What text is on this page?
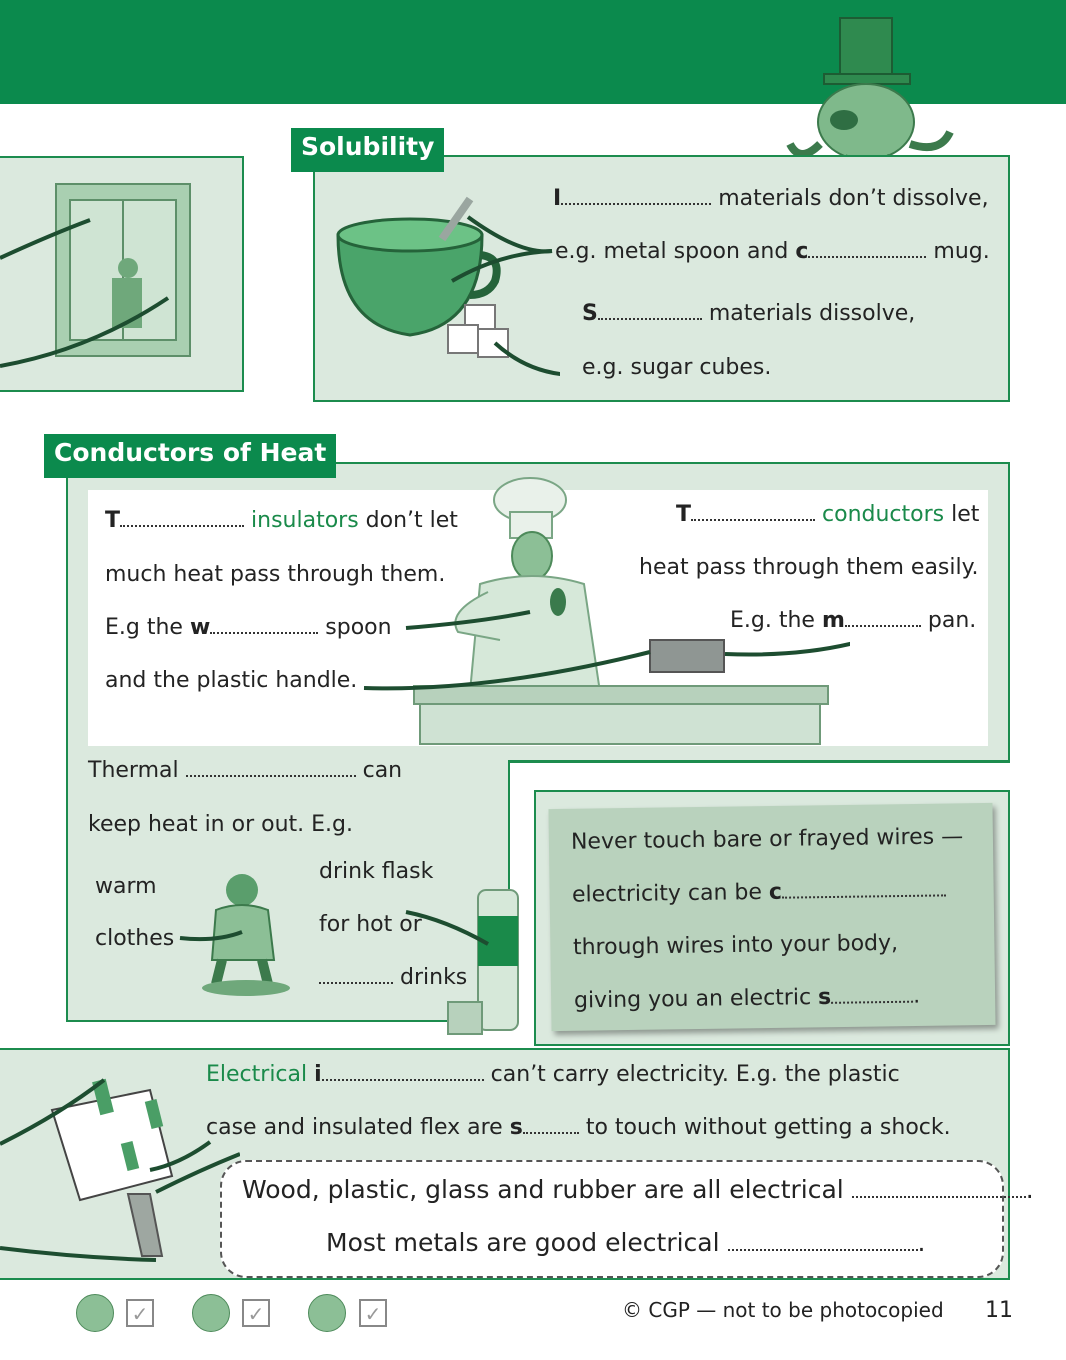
Solubility
I	materials don’t dissolve,
e.g. metal spoon and c	mug.
S	materials dissolve,
e.g. sugar cubes.
Conductors of Heat
T	insulators don’t let
much heat pass through them.
E.g the w	spoon
and the plastic handle.
T	conductors let
heat pass through them easily.
E.g. the m	pan.
Thermal	can
keep heat in or out. E.g.
warm
clothes
drink flask
for hot or
drinks
Never touch bare or frayed wires —
electricity can be c
through wires into your body,
giving you an electric s	.
Electrical i	can’t carry electricity. E.g. the plastic
case and insulated flex are s	to touch without getting a shock.
Wood, plastic, glass and rubber are all electrical	.
Most metals are good electrical	.
✓	✓	✓	© CGP — not to be photocopied 11
